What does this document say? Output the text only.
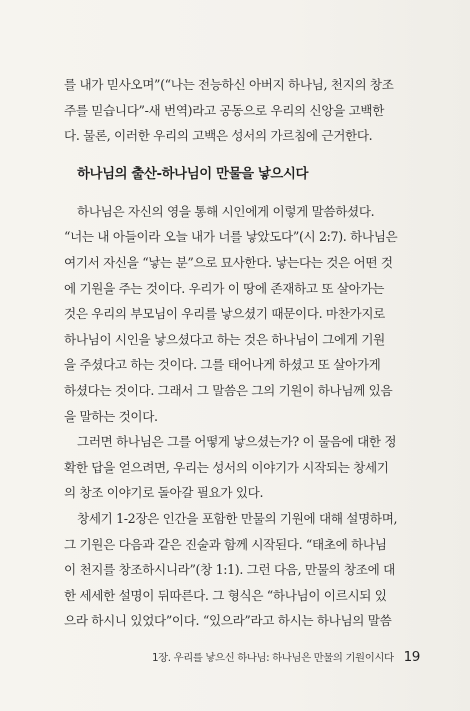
를 내가 믿사오며”(“나는 전능하신 아버지 하나님, 천지의 창조
주를 믿습니다”-새 번역)라고 공동으로 우리의 신앙을 고백한
다. 물론, 이러한 우리의 고백은 성서의 가르침에 근거한다.
하나님의 출산-하나님이 만물을 낳으시다
하나님은 자신의 영을 통해 시인에게 이렇게 말씀하셨다.
“너는 내 아들이라 오늘 내가 너를 낳았도다”(시 2:7). 하나님은
여기서 자신을 “낳는 분”으로 묘사한다. 낳는다는 것은 어떤 것
에 기원을 주는 것이다. 우리가 이 땅에 존재하고 또 살아가는
것은 우리의 부모님이 우리를 낳으셨기 때문이다. 마찬가지로
하나님이 시인을 낳으셨다고 하는 것은 하나님이 그에게 기원
을 주셨다고 하는 것이다. 그를 태어나게 하셨고 또 살아가게
하셨다는 것이다. 그래서 그 말씀은 그의 기원이 하나님께 있음
을 말하는 것이다.
그러면 하나님은 그를 어떻게 낳으셨는가? 이 물음에 대한 정
확한 답을 얻으려면, 우리는 성서의 이야기가 시작되는 창세기
의 창조 이야기로 돌아갈 필요가 있다.
창세기 1-2장은 인간을 포함한 만물의 기원에 대해 설명하며,
그 기원은 다음과 같은 진술과 함께 시작된다. “태초에 하나님
이 천지를 창조하시니라”(창 1:1). 그런 다음, 만물의 창조에 대
한 세세한 설명이 뒤따른다. 그 형식은 “하나님이 이르시되 있
으라 하시니 있었다”이다. “있으라”라고 하시는 하나님의 말씀
1장. 우리를 낳으신 하나님: 하나님은 만물의 기원이시다 19
